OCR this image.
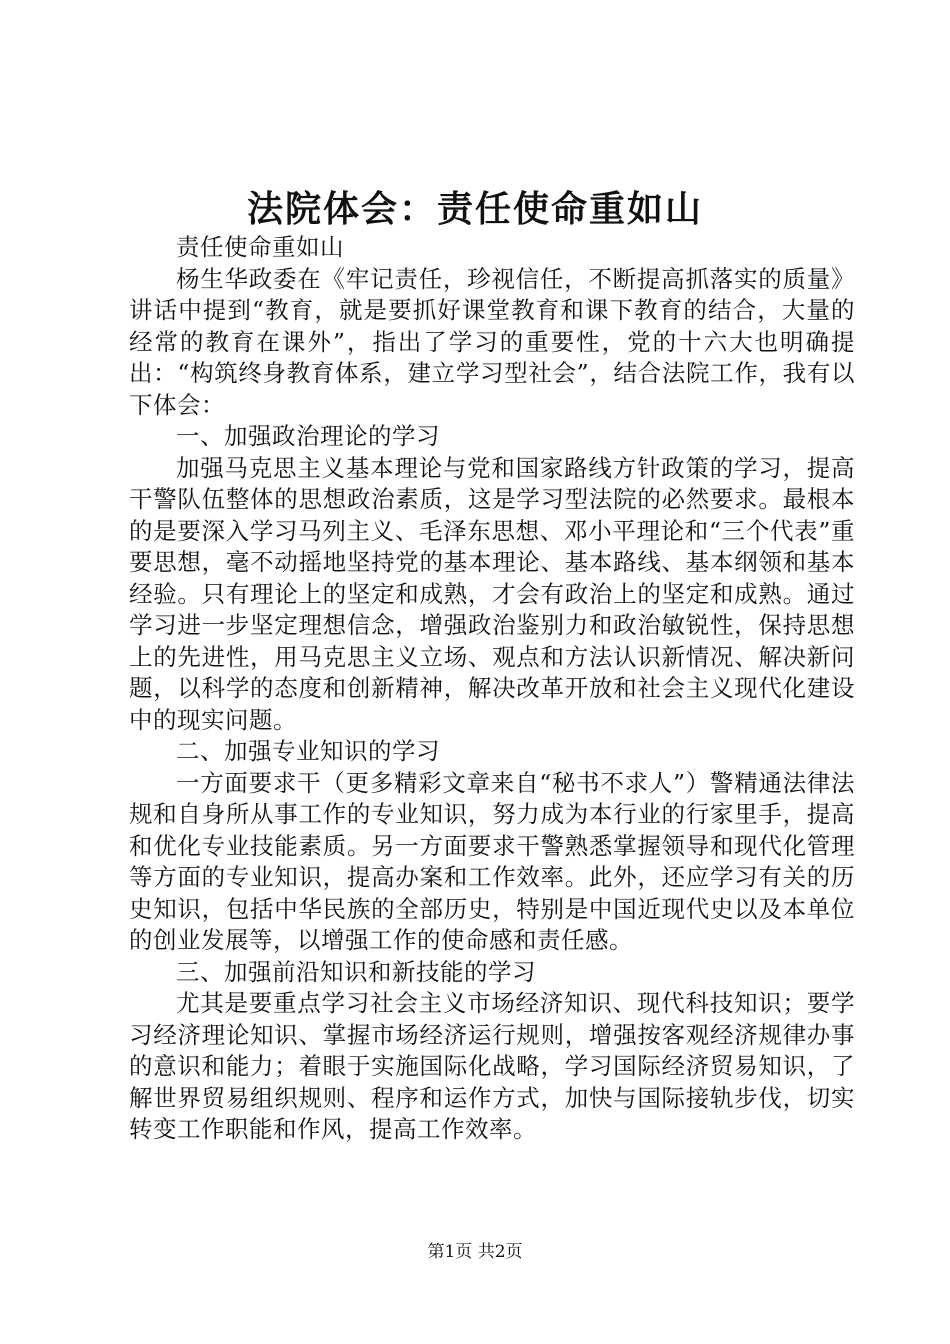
法院体会：责任使命重如山

责任使命重如山

杨生华政委在《牢记责任，珍视信任，不断提高抓落实的质量》讲话中提到“教育，就是要抓好课堂教育和课下教育的结合，大量的经常的教育在课外”，指出了学习的重要性，党的十六大也明确提出：“构筑终身教育体系，建立学习型社会”，结合法院工作，我有以下体会：

一、加强政治理论的学习

加强马克思主义基本理论与党和国家路线方针政策的学习，提高干警队伍整体的思想政治素质，这是学习型法院的必然要求。最根本的是要深入学习马列主义、毛泽东思想、邓小平理论和“三个代表”重要思想，毫不动摇地坚持党的基本理论、基本路线、基本纲领和基本经验。只有理论上的坚定和成熟，才会有政治上的坚定和成熟。通过学习进一步坚定理想信念，增强政治鉴别力和政治敏锐性，保持思想上的先进性，用马克思主义立场、观点和方法认识新情况、解决新问题，以科学的态度和创新精神，解决改革开放和社会主义现代化建设中的现实问题。

二、加强专业知识的学习

一方面要求干（更多精彩文章来自“秘书不求人”）警精通法律法规和自身所从事工作的专业知识，努力成为本行业的行家里手，提高和优化专业技能素质。另一方面要求干警熟悉掌握领导和现代化管理等方面的专业知识，提高办案和工作效率。此外，还应学习有关的历史知识，包括中华民族的全部历史，特别是中国近现代史以及本单位的创业发展等，以增强工作的使命感和责任感。

三、加强前沿知识和新技能的学习

尤其是要重点学习社会主义市场经济知识、现代科技知识；要学习经济理论知识、掌握市场经济运行规则，增强按客观经济规律办事的意识和能力；着眼于实施国际化战略，学习国际经济贸易知识，了解世界贸易组织规则、程序和运作方式，加快与国际接轨步伐，切实转变工作职能和作风，提高工作效率。

第1页 共2页
